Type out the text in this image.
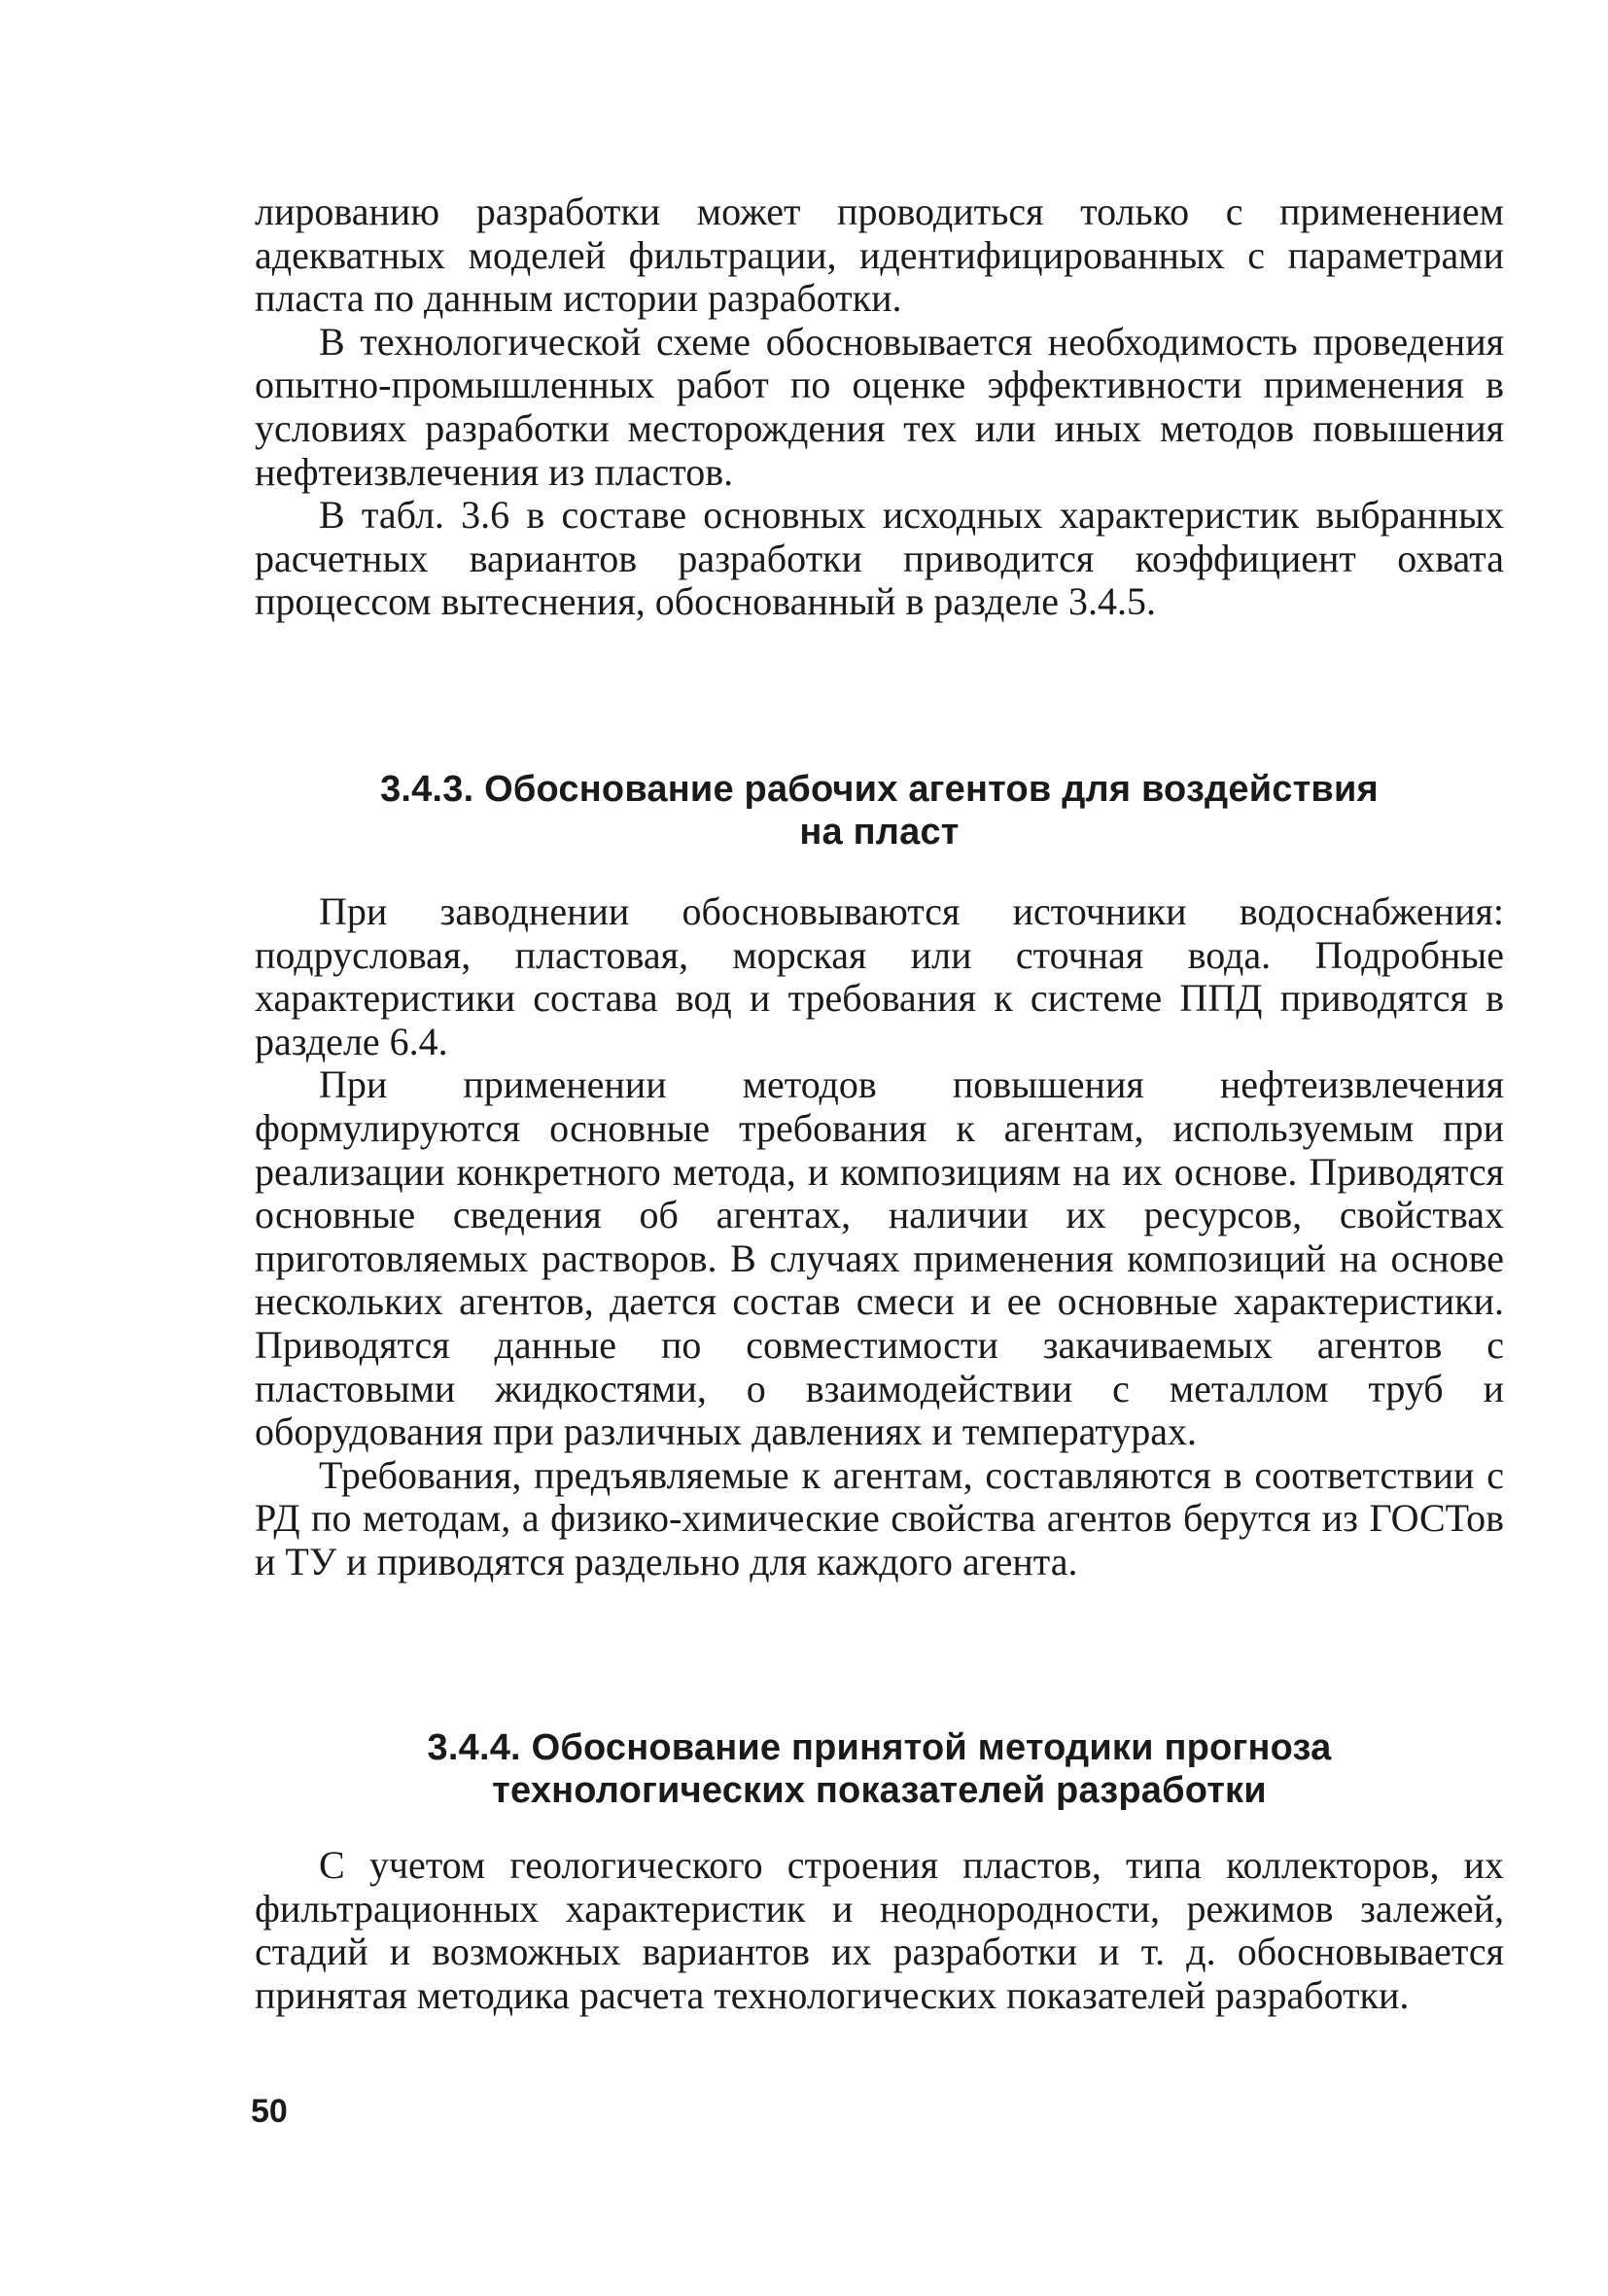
лированию разработки может проводиться только с применением адекватных моделей фильтрации, идентифицированных с параметрами пласта по данным истории разработки.

В технологической схеме обосновывается необходимость проведения опытно-промышленных работ по оценке эффективности применения в условиях разработки месторождения тех или иных методов повышения нефтеизвлечения из пластов.

В табл. 3.6 в составе основных исходных характеристик выбранных расчетных вариантов разработки приводится коэффициент охвата процессом вытеснения, обоснованный в разделе 3.4.5.

3.4.3. Обоснование рабочих агентов для воздействия
на пласт

При заводнении обосновываются источники водоснабжения: подрусловая, пластовая, морская или сточная вода. Подробные характеристики состава вод и требования к системе ППД приводятся в разделе 6.4.

При применении методов повышения нефтеизвлечения формулируются основные требования к агентам, используемым при реализации конкретного метода, и композициям на их основе. Приводятся основные сведения об агентах, наличии их ресурсов, свойствах приготовляемых растворов. В случаях применения композиций на основе нескольких агентов, дается состав смеси и ее основные характеристики. Приводятся данные по совместимости закачиваемых агентов с пластовыми жидкостями, о взаимодействии с металлом труб и оборудования при различных давлениях и температурах.

Требования, предъявляемые к агентам, составляются в соответствии с РД по методам, а физико-химические свойства агентов берутся из ГОСТов и ТУ и приводятся раздельно для каждого агента.

3.4.4. Обоснование принятой методики прогноза
технологических показателей разработки

С учетом геологического строения пластов, типа коллекторов, их фильтрационных характеристик и неоднородности, режимов залежей, стадий и возможных вариантов их разработки и т. д. обосновывается принятая методика расчета технологических показателей разработки.

50
